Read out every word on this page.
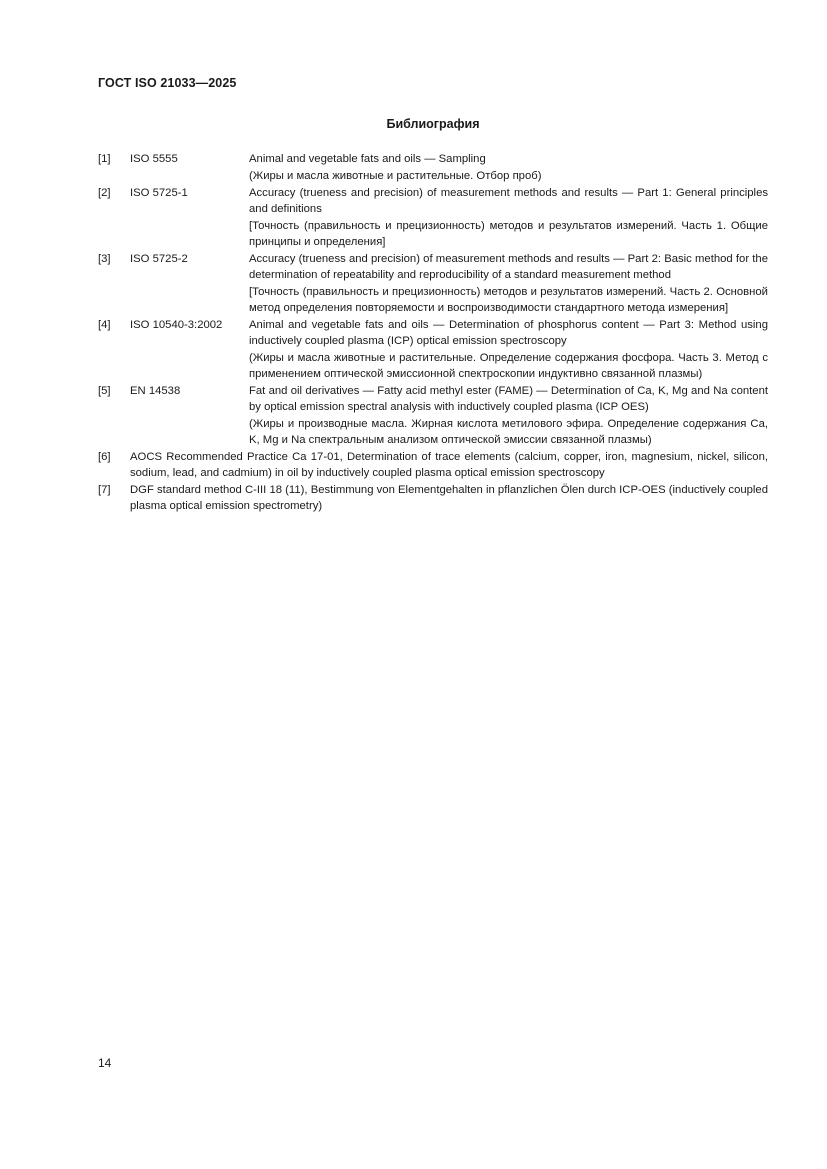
ГОСТ ISO 21033—2025
Библиография
[1]	ISO 5555	Animal and vegetable fats and oils — Sampling

(Жиры и масла животные и растительные. Отбор проб)

[2]	ISO 5725-1	Accuracy (trueness and precision) of measurement methods and results — Part 1: General principles and definitions

[Точность (правильность и прецизионность) методов и результатов измерений. Часть 1. Общие принципы и определения]

[3]	ISO 5725-2	Accuracy (trueness and precision) of measurement methods and results — Part 2: Basic method for the determination of repeatability and reproducibility of a standard measurement method

[Точность (правильность и прецизионность) методов и результатов измерений. Часть 2. Основной метод определения повторяемости и воспроизводимости стандартного метода измерения]

[4]	ISO 10540-3:2002	Animal and vegetable fats and oils — Determination of phosphorus content — Part 3: Method using inductively coupled plasma (ICP) optical emission spectroscopy

(Жиры и масла животные и растительные. Определение содержания фосфора. Часть 3. Метод с применением оптической эмиссионной спектроскопии индуктивно связанной плазмы)

[5]	EN 14538	Fat and oil derivatives — Fatty acid methyl ester (FAME) — Determination of Ca, K, Mg and Na content by optical emission spectral analysis with inductively coupled plasma (ICP OES)

(Жиры и производные масла. Жирная кислота метилового эфира. Определение содержания Ca, K, Mg и Na спектральным анализом оптической эмиссии связанной плазмы)

[6]	AOCS Recommended Practice Ca 17-01, Determination of trace elements (calcium, copper, iron, magnesium, nickel, silicon, sodium, lead, and cadmium) in oil by inductively coupled plasma optical emission spectroscopy
[7]	DGF standard method C-III 18 (11), Bestimmung von Elementgehalten in pflanzlichen Ölen durch ICP-OES (inductively coupled plasma optical emission spectrometry)
14
